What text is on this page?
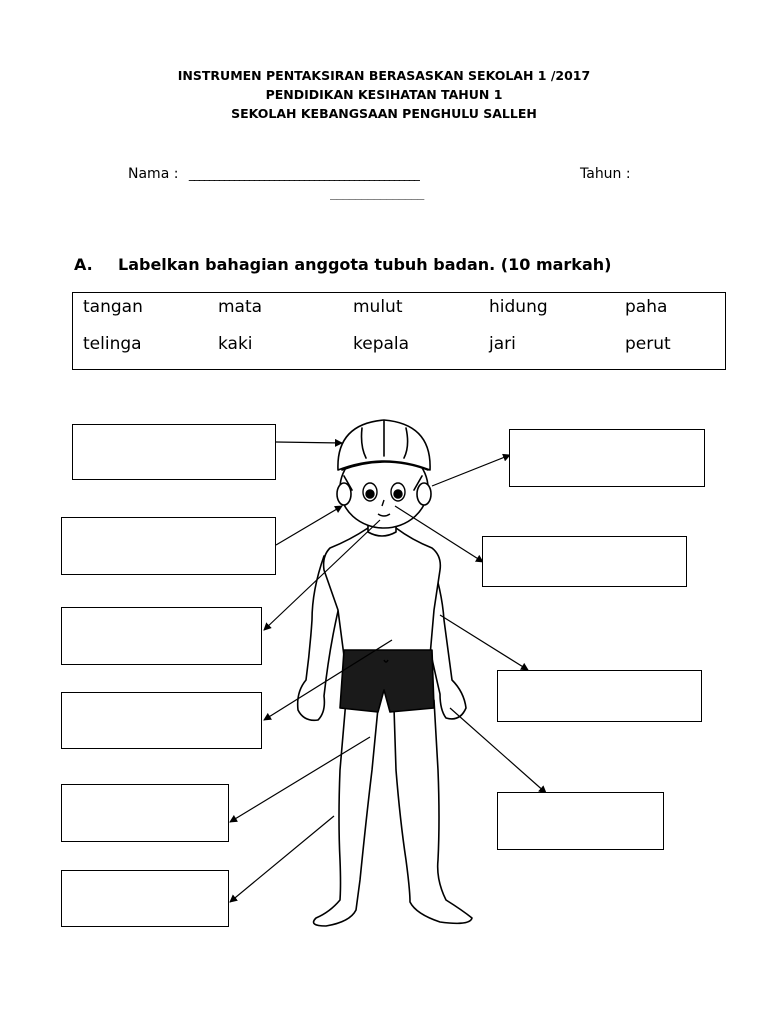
INSTRUMEN PENTAKSIRAN BERASASKAN SEKOLAH 1 /2017
PENDIDIKAN KESIHATAN TAHUN 1
SEKOLAH KEBANGSAAN PENGHULU SALLEH
Nama : ______________________________________________	Tahun :
_______________
A. Labelkan bahagian anggota tubuh badan. (10 markah)
tangan	mata	mulut	hidung	paha
telinga	kaki	kepala	jari	perut
